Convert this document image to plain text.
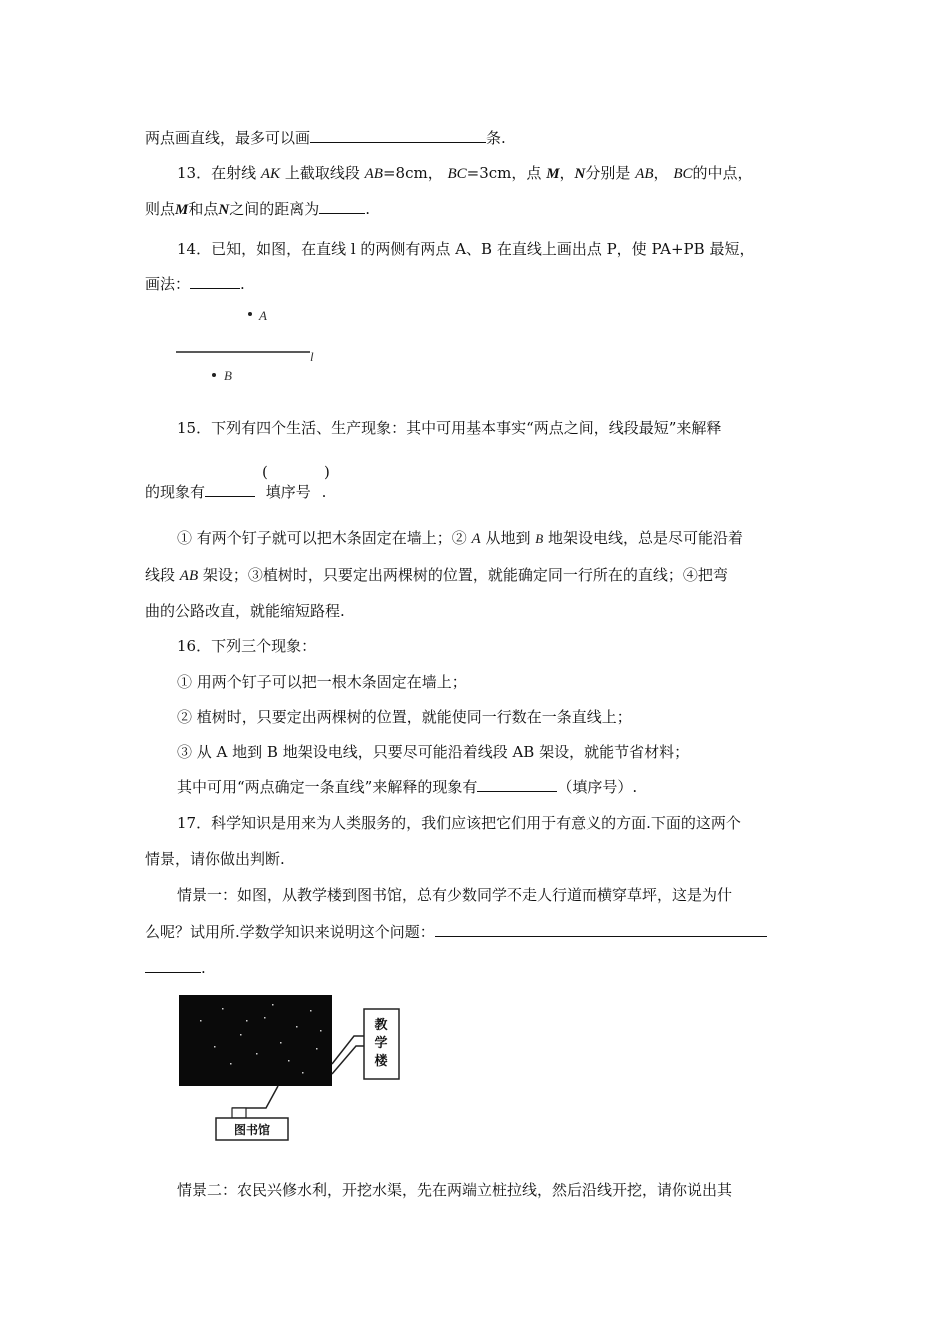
两点画直线，最多可以画	条.
13．在射线 AK 上截取线段 AB=8cm， BC=3cm，点 M，N分别是 AB， BC的中点，
则点M和点N之间的距离为	.
14．已知，如图，在直线 l 的两侧有两点 A、B 在直线上画出点 P，使 PA+PB 最短，
画法：	.
A
l
B
15．下列有四个生活、生产现象：其中可用基本事实“两点之间，线段最短”来解释
(	)
的现象有	填序号 .
① 有两个钉子就可以把木条固定在墙上；② A 从地到 B 地架设电线，总是尽可能沿着
线段 AB 架设；③植树时，只要定出两棵树的位置，就能确定同一行所在的直线；④把弯
曲的公路改直，就能缩短路程.
16．下列三个现象：
① 用两个钉子可以把一根木条固定在墙上；
② 植树时，只要定出两棵树的位置，就能使同一行数在一条直线上；
③ 从 A 地到 B 地架设电线，只要尽可能沿着线段 AB 架设，就能节省材料；
其中可用“两点确定一条直线”来解释的现象有	（填序号）.
17．科学知识是用来为人类服务的，我们应该把它们用于有意义的方面.下面的这两个
情景，请你做出判断.
情景一：如图，从教学楼到图书馆，总有少数同学不走人行道而横穿草坪，这是为什
么呢？试用所.学数学知识来说明这个问题：
.
教
学
楼
图书馆
情景二：农民兴修水利，开挖水渠，先在两端立桩拉线，然后沿线开挖，请你说出其
